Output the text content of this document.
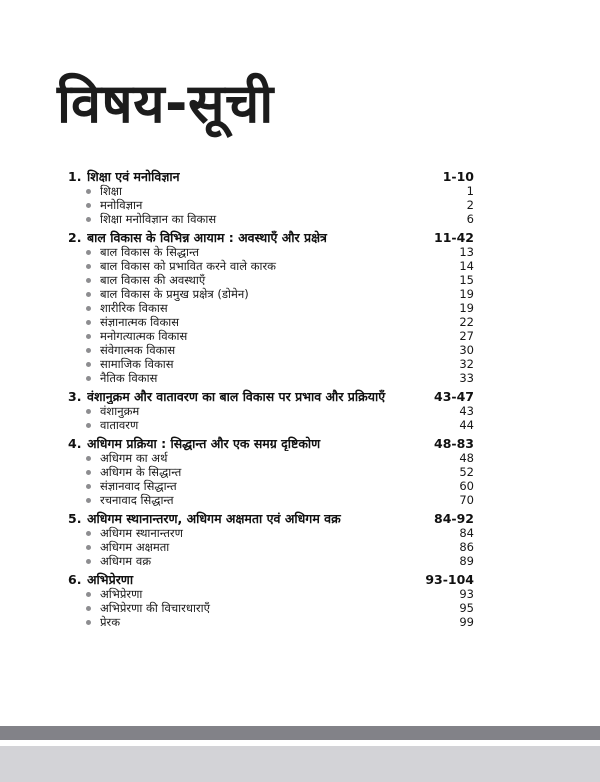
विषय-सूची
1. शिक्षा एवं मनोविज्ञान	1-10
शिक्षा	1
मनोविज्ञान	2
शिक्षा मनोविज्ञान का विकास	6
2. बाल विकास के विभिन्न आयाम : अवस्थाएँ और प्रक्षेत्र	11-42
बाल विकास के सिद्धान्त	13
बाल विकास को प्रभावित करने वाले कारक	14
बाल विकास की अवस्थाएँ	15
बाल विकास के प्रमुख प्रक्षेत्र (डोमेन)	19
शारीरिक विकास	19
संज्ञानात्मक विकास	22
मनोगत्यात्मक विकास	27
संवेगात्मक विकास	30
सामाजिक विकास	32
नैतिक विकास	33
3. वंशानुक्रम और वातावरण का बाल विकास पर प्रभाव और प्रक्रियाएँ	43-47
वंशानुक्रम	43
वातावरण	44
4. अधिगम प्रक्रिया : सिद्धान्त और एक समग्र दृष्टिकोण	48-83
अधिगम का अर्थ	48
अधिगम के सिद्धान्त	52
संज्ञानवाद सिद्धान्त	60
रचनावाद सिद्धान्त	70
5. अधिगम स्थानान्तरण, अधिगम अक्षमता एवं अधिगम वक्र	84-92
अधिगम स्थानान्तरण	84
अधिगम अक्षमता	86
अधिगम वक्र	89
6. अभिप्रेरणा	93-104
अभिप्रेरणा	93
अभिप्रेरणा की विचारधाराएँ	95
प्रेरक	99
